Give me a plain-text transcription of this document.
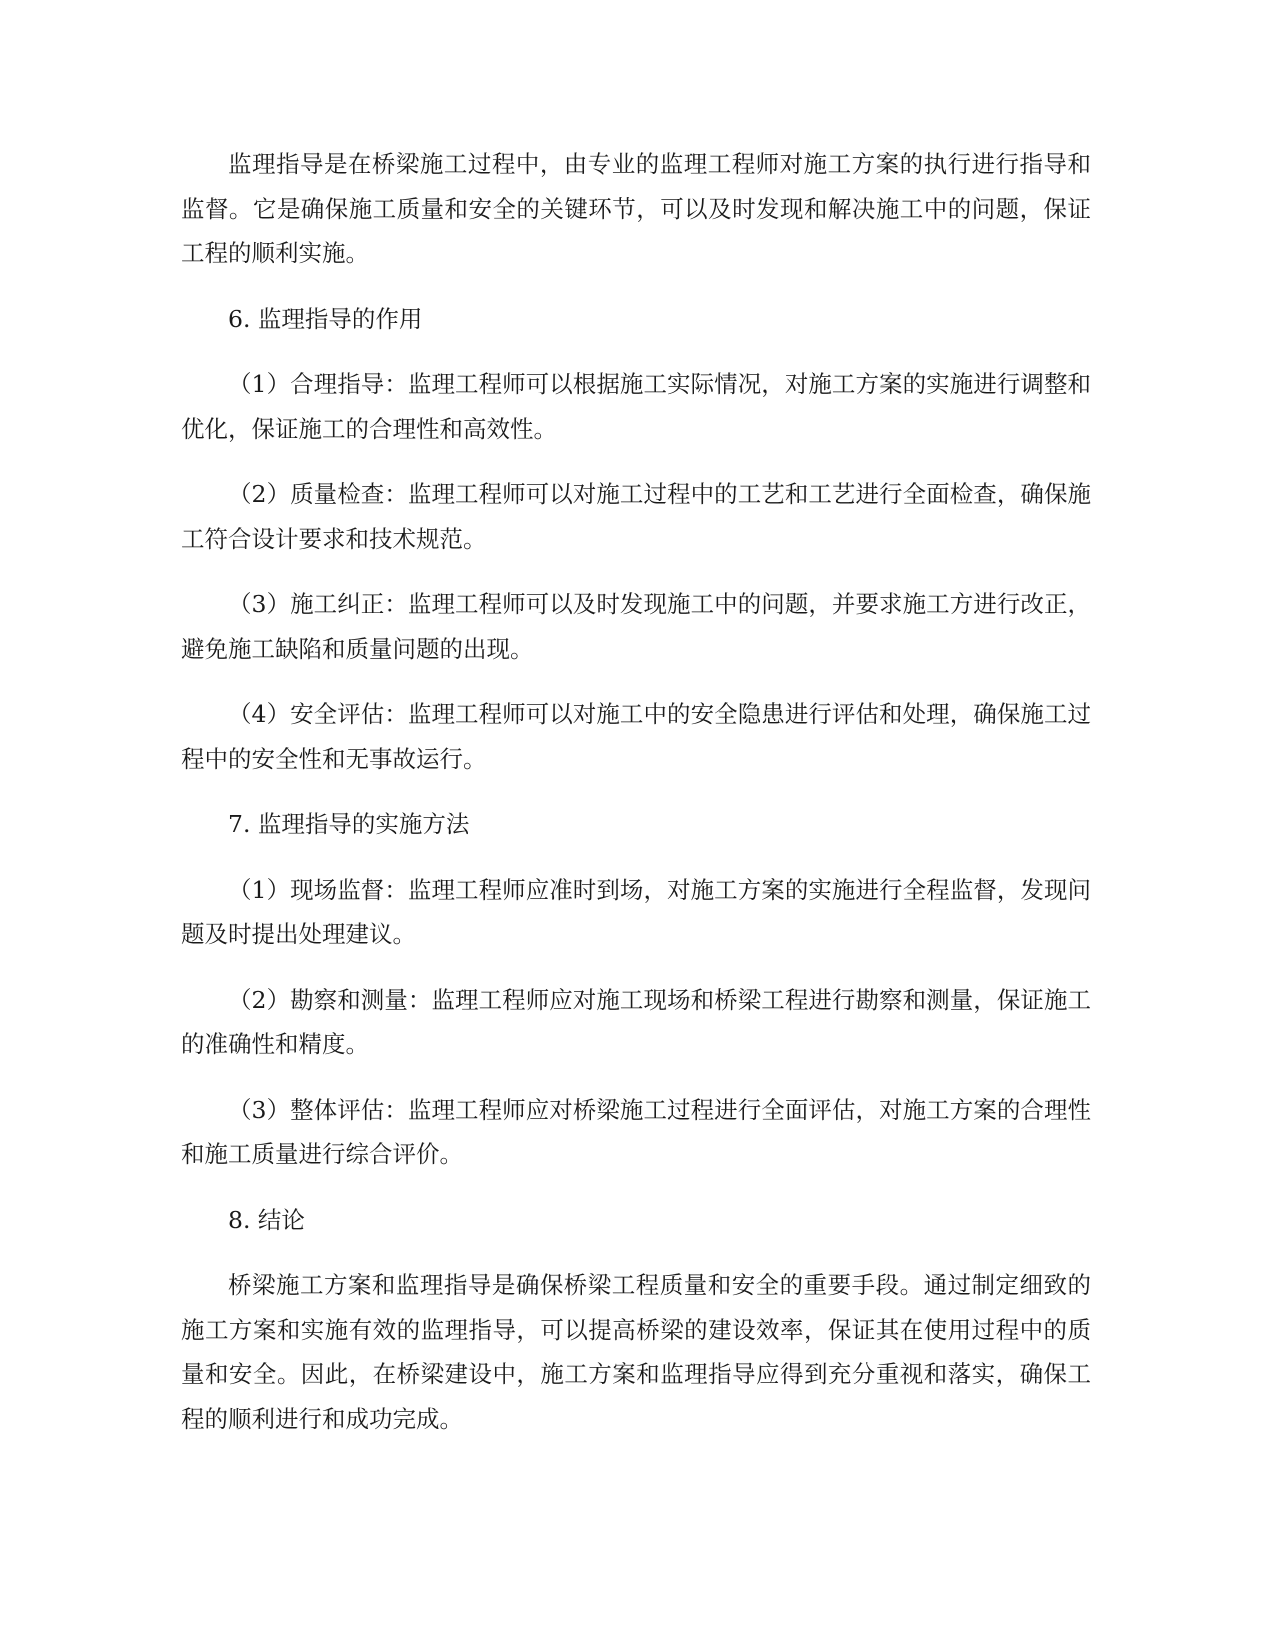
监理指导是在桥梁施工过程中，由专业的监理工程师对施工方案的执行进行指导和监督。它是确保施工质量和安全的关键环节，可以及时发现和解决施工中的问题，保证工程的顺利实施。

6. 监理指导的作用

（1）合理指导：监理工程师可以根据施工实际情况，对施工方案的实施进行调整和优化，保证施工的合理性和高效性。

（2）质量检查：监理工程师可以对施工过程中的工艺和工艺进行全面检查，确保施工符合设计要求和技术规范。

（3）施工纠正：监理工程师可以及时发现施工中的问题，并要求施工方进行改正，避免施工缺陷和质量问题的出现。

（4）安全评估：监理工程师可以对施工中的安全隐患进行评估和处理，确保施工过程中的安全性和无事故运行。

7. 监理指导的实施方法

（1）现场监督：监理工程师应准时到场，对施工方案的实施进行全程监督，发现问题及时提出处理建议。

（2）勘察和测量：监理工程师应对施工现场和桥梁工程进行勘察和测量，保证施工的准确性和精度。

（3）整体评估：监理工程师应对桥梁施工过程进行全面评估，对施工方案的合理性和施工质量进行综合评价。

8. 结论

桥梁施工方案和监理指导是确保桥梁工程质量和安全的重要手段。通过制定细致的施工方案和实施有效的监理指导，可以提高桥梁的建设效率，保证其在使用过程中的质量和安全。因此，在桥梁建设中，施工方案和监理指导应得到充分重视和落实，确保工程的顺利进行和成功完成。
